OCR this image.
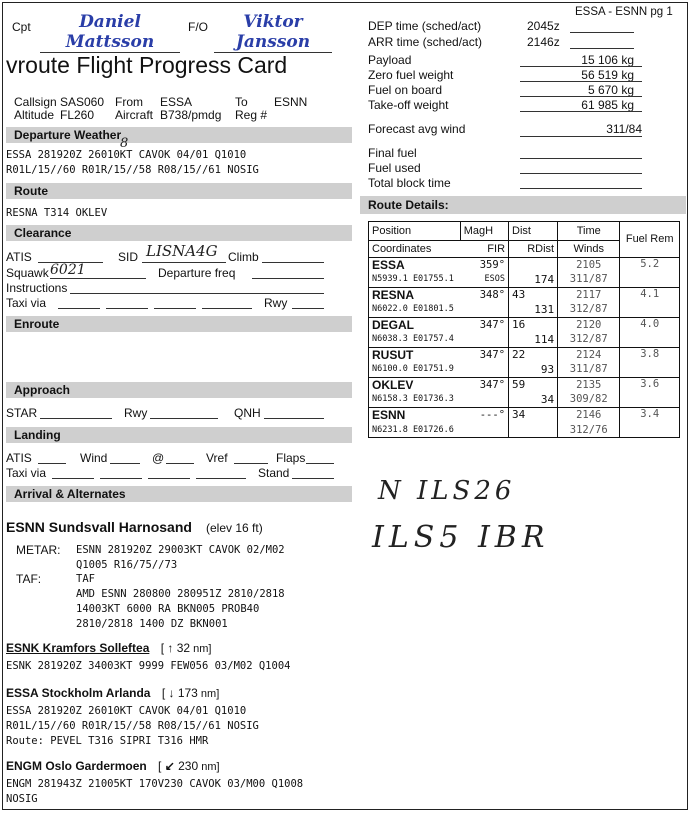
ESSA - ESNN pg 1
Cpt	Daniel Mattsson
F/O	Viktor Jansson
vroute Flight Progress Card
Callsign SAS060
Altitude FL260
From ESSA
Aircraft B738/pmdg
To ESNN
Reg #
DEP time (sched/act)	2045z
ARR time (sched/act)	2146z
Payload	15 106 kg
Zero fuel weight	56 519 kg
Fuel on board	5 670 kg
Take-off weight	61 985 kg
Forecast avg wind	311/84
Final fuel
Fuel used
Total block time
Departure Weather
ESSA 281920Z 26010KT CAVOK 04/01 Q1010
R01L/15//60 R01R/15//58 R08/15//61 NOSIG
8
Route
RESNA T314 OKLEV
Clearance
ATIS	SID LISNA4G Climb
Squawk 6021	Departure freq
Instructions
Taxi via	Rwy
Enroute
Approach
STAR	Rwy	QNH
Landing
ATIS	Wind	@	Vref	Flaps
Taxi via	Stand
Arrival & Alternates
ESNN Sundsvall Harnosand (elev 16 ft)
METAR: ESNN 281920Z 29003KT CAVOK 02/M02
Q1005 R16/75//73
TAF:	TAF
AMD ESNN 280800 280951Z 2810/2818
14003KT 6000 RA BKN005 PROB40
2810/2818 1400 DZ BKN001
ESNK Kramfors Solleftea [ ↑ 32 nm]
ESNK 281920Z 34003KT 9999 FEW056 03/M02 Q1004
ESSA Stockholm Arlanda [ ↓ 173 nm]
ESSA 281920Z 26010KT CAVOK 04/01 Q1010
R01L/15//60 R01R/15//58 R08/15//61 NOSIG
Route: PEVEL T316 SIPRI T316 HMR
ENGM Oslo Gardermoen [ ↙ 230 nm]
ENGM 281943Z 21005KT 170V230 CAVOK 03/M00 Q1008
NOSIG
Route Details:
Position	MagH	Dist	Time	Fuel Rem
Coordinates	FIR	RDist	Winds	
ESSA	359°		2105	5.2
N5939.1 E01755.1	ESOS	174	311/87	
RESNA	348°	43	2117	4.1
N6022.0 E01801.5		131	312/87	
DEGAL	347°	16	2120	4.0
N6038.3 E01757.4		114	312/87	
RUSUT	347°	22	2124	3.8
N6100.0 E01751.9		93	311/87	
OKLEV	347°	59	2135	3.6
N6158.3 E01736.3		34	309/82	
ESNN	---°	34	2146	3.4
N6231.8 E01726.6			312/76	
N ILS26
ILS5 IBR
